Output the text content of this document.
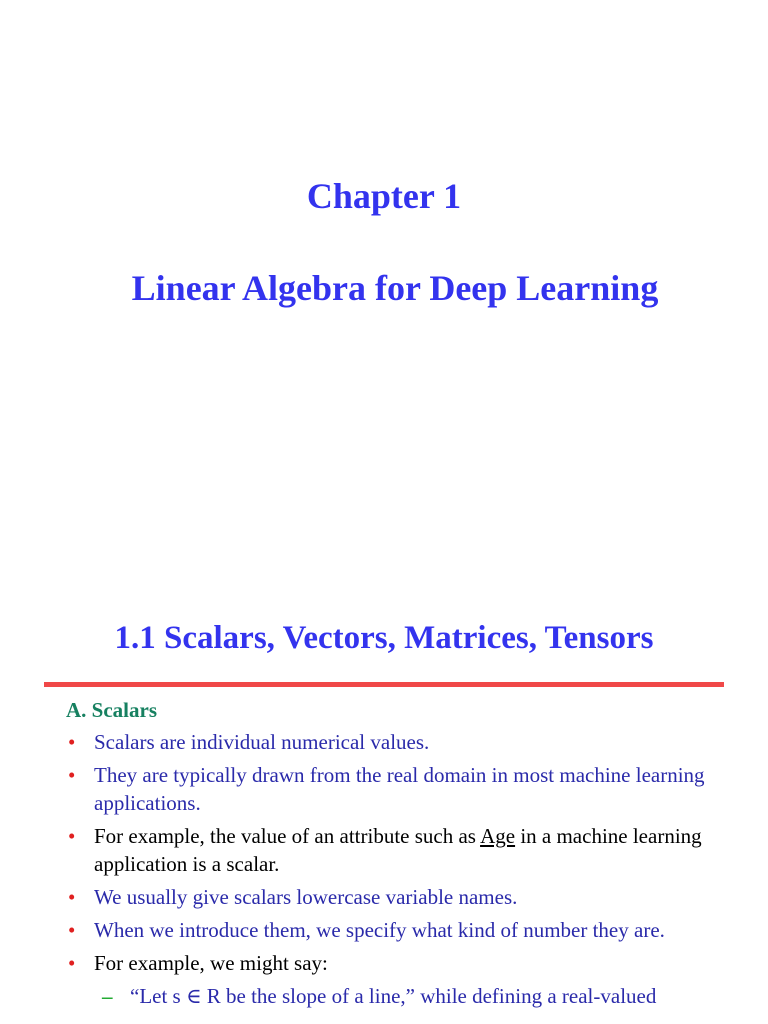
Chapter 1
Linear Algebra for Deep Learning
1.1 Scalars, Vectors, Matrices, Tensors
A. Scalars
• Scalars are individual numerical values.
• They are typically drawn from the real domain in most machine learning applications.
• For example, the value of an attribute such as Age in a machine learning application is a scalar.
• We usually give scalars lowercase variable names.
• When we introduce them, we specify what kind of number they are.
• For example, we might say:
– “Let s ∈ R be the slope of a line,” while defining a real-valued
